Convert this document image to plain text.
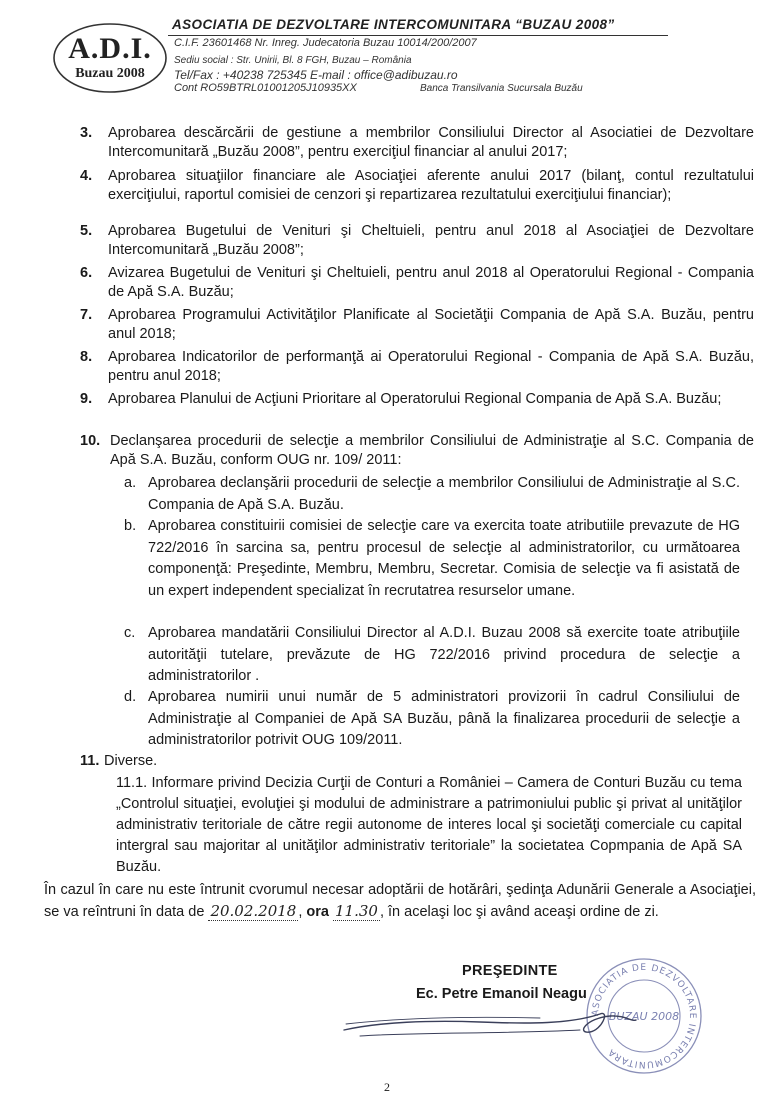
A.D.I.
Buzau 2008
ASOCIATIA DE DEZVOLTARE INTERCOMUNITARA “BUZAU 2008”
C.I.F. 23601468 Nr. Inreg. Judecatoria Buzau 10014/200/2007
Sediu social : Str. Unirii, Bl. 8 FGH, Buzau – România
Tel/Fax : +40238 725345 E-mail : office@adibuzau.ro
Cont RO59BTRL01001205J10935XX	Banca Transilvania Sucursala Buzău
3. Aprobarea descărcării de gestiune a membrilor Consiliului Director al Asociatiei de Dezvoltare Intercomunitară „Buzău 2008”, pentru exerciţiul financiar al anului 2017;
4. Aprobarea situaţiilor financiare ale Asociaţiei aferente anului 2017 (bilanţ, contul rezultatului exerciţiului, raportul comisiei de cenzori şi repartizarea rezultatului exerciţiului financiar);
5. Aprobarea Bugetului de Venituri şi Cheltuieli, pentru anul 2018 al Asociaţiei de Dezvoltare Intercomunitară „Buzău 2008”;
6. Avizarea Bugetului de Venituri şi Cheltuieli, pentru anul 2018 al Operatorului Regional - Compania de Apă S.A. Buzău;
7. Aprobarea Programului Activităţilor Planificate al Societăţii Compania de Apă S.A. Buzău, pentru anul 2018;
8. Aprobarea Indicatorilor de performanţă ai Operatorului Regional - Compania de Apă S.A. Buzău, pentru anul 2018;
9. Aprobarea Planului de Acţiuni Prioritare al Operatorului Regional Compania de Apă S.A. Buzău;
10. Declanşarea procedurii de selecţie a membrilor Consiliului de Administraţie al S.C. Compania de Apă S.A. Buzău, conform OUG nr. 109/ 2011:
a. Aprobarea declanşării procedurii de selecţie a membrilor Consiliului de Administraţie al S.C. Compania de Apă S.A. Buzău.
b. Aprobarea constituirii comisiei de selecţie care va exercita toate atributiile prevazute de HG 722/2016 în sarcina sa, pentru procesul de selecţie al administratorilor, cu următoarea componenţă: Preşedinte, Membru, Membru, Secretar. Comisia de selecţie va fi asistată de un expert independent specializat în recrutatrea resurselor umane.
c. Aprobarea mandatării Consiliului Director al A.D.I. Buzau 2008 să exercite toate atribuţiile autorităţii tutelare, prevăzute de HG 722/2016 privind procedura de selecţie a administratorilor .
d. Aprobarea numirii unui număr de 5 administratori provizorii în cadrul Consiliului de Administraţie al Companiei de Apă SA Buzău, până la finalizarea procedurii de selecţie a administratorilor potrivit OUG 109/2011.
11. Diverse.
11.1. Informare privind Decizia Curţii de Conturi a României – Camera de Conturi Buzău cu tema „Controlul situaţiei, evoluţiei şi modului de administrare a patrimoniului public şi privat al unităţilor administrativ teritoriale de către regii autonome de interes local şi societăţi comerciale cu capital intergral sau majoritar al unităţilor administrativ teritoriale” la societatea Copmpania de Apă SA Buzău.
În cazul în care nu este întrunit cvorumul necesar adoptării de hotărâri, şedinţa Adunării Generale a Asociaţiei, se va reîntruni în data de 20.02.2018 , ora 11.30 , în acelaşi loc şi având aceaşi ordine de zi.
ASOCIATIA DE DEZVOLTARE INTERCOMUNITARA
BUZAU 2008
PREŞEDINTE
Ec. Petre Emanoil Neagu
2
